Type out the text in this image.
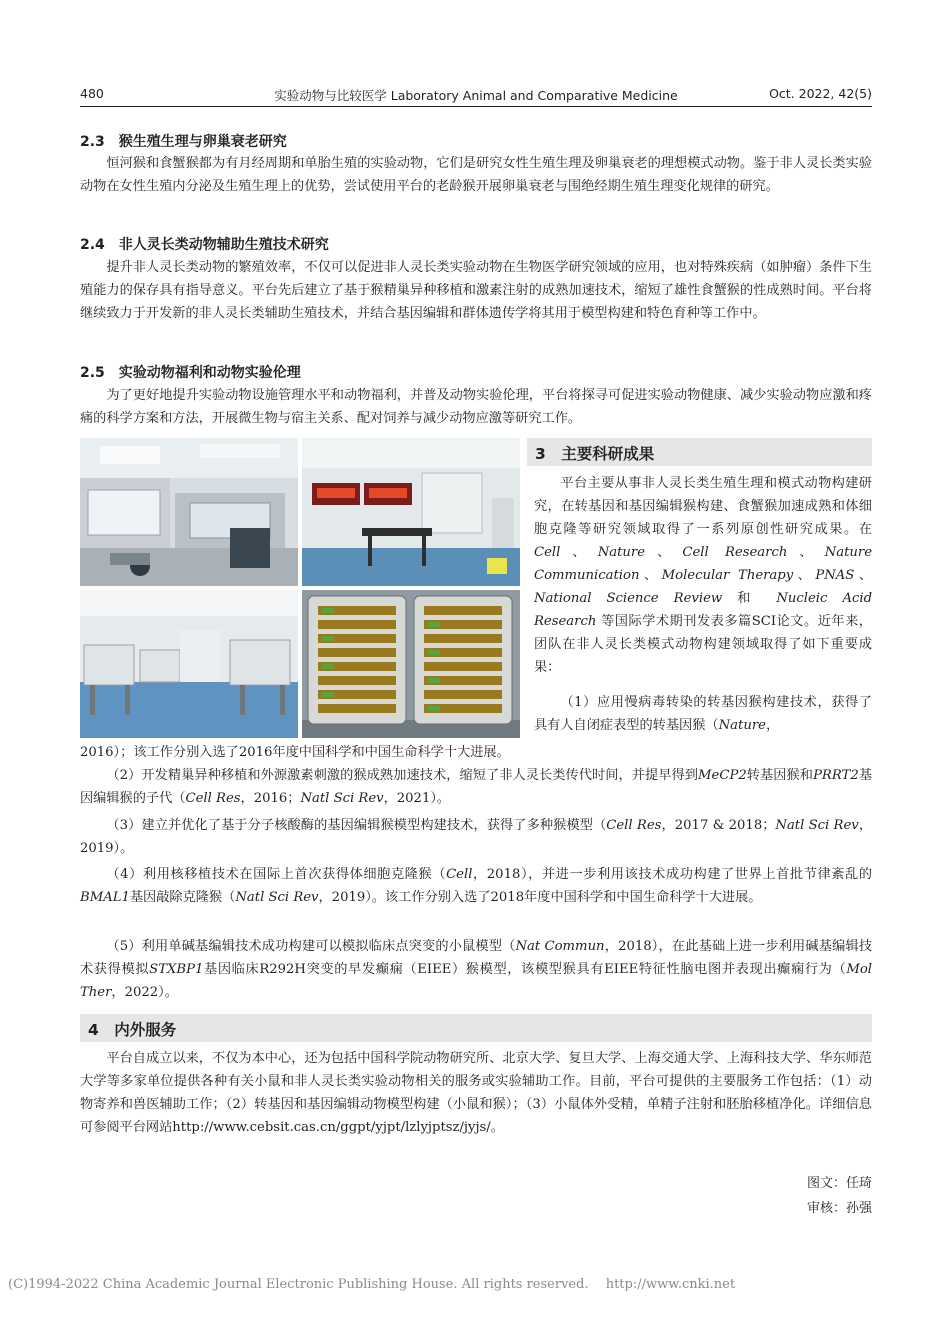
480	实验动物与比较医学 Laboratory Animal and Comparative Medicine	Oct. 2022, 42(5)
2.3　猴生殖生理与卵巢衰老研究

恒河猴和食蟹猴都为有月经周期和单胎生殖的实验动物，它们是研究女性生殖生理及卵巢衰老的理想模式动物。鉴于非人灵长类实验动物在女性生殖内分泌及生殖生理上的优势，尝试使用平台的老龄猴开展卵巢衰老与围绝经期生殖生理变化规律的研究。

2.4　非人灵长类动物辅助生殖技术研究

提升非人灵长类动物的繁殖效率，不仅可以促进非人灵长类实验动物在生物医学研究领域的应用，也对特殊疾病（如肿瘤）条件下生殖能力的保存具有指导意义。平台先后建立了基于猴精巢异种移植和激素注射的成熟加速技术，缩短了雄性食蟹猴的性成熟时间。平台将继续致力于开发新的非人灵长类辅助生殖技术，并结合基因编辑和群体遗传学将其用于模型构建和特色育种等工作中。

2.5　实验动物福利和动物实验伦理

为了更好地提升实验动物设施管理水平和动物福利，并普及动物实验伦理，平台将探寻可促进实验动物健康、减少实验动物应激和疼痛的科学方案和方法，开展微生物与宿主关系、配对饲养与减少动物应激等研究工作。

3　主要科研成果

平台主要从事非人灵长类生殖生理和模式动物构建研究，在转基因和基因编辑猴构建、食蟹猴加速成熟和体细胞克隆等研究领域取得了一系列原创性研究成果。在Cell、Nature、Cell Research、Nature Communication、Molecular Therapy、PNAS、National Science Review 和 Nucleic Acid Research 等国际学术期刊发表多篇SCI论文。近年来，团队在非人灵长类模式动物构建领域取得了如下重要成果：

（1）应用慢病毒转染的转基因猴构建技术，获得了具有人自闭症表型的转基因猴（Nature，

2016）；该工作分别入选了2016年度中国科学和中国生命科学十大进展。

（2）开发精巢异种移植和外源激素刺激的猴成熟加速技术，缩短了非人灵长类传代时间，并提早得到MeCP2转基因猴和PRRT2基因编辑猴的子代（Cell Res，2016；Natl Sci Rev，2021）。

（3）建立并优化了基于分子核酸酶的基因编辑猴模型构建技术，获得了多种猴模型（Cell Res，2017 & 2018；Natl Sci Rev，2019）。

（4）利用核移植技术在国际上首次获得体细胞克隆猴（Cell，2018），并进一步利用该技术成功构建了世界上首批节律紊乱的BMAL1基因敲除克隆猴（Natl Sci Rev，2019）。该工作分别入选了2018年度中国科学和中国生命科学十大进展。

（5）利用单碱基编辑技术成功构建可以模拟临床点突变的小鼠模型（Nat Commun，2018），在此基础上进一步利用碱基编辑技术获得模拟STXBP1基因临床R292H突变的早发癫痫（EIEE）猴模型，该模型猴具有EIEE特征性脑电图并表现出癫痫行为（Mol Ther，2022）。

4　内外服务

平台自成立以来，不仅为本中心，还为包括中国科学院动物研究所、北京大学、复旦大学、上海交通大学、上海科技大学、华东师范大学等多家单位提供各种有关小鼠和非人灵长类实验动物相关的服务或实验辅助工作。目前，平台可提供的主要服务工作包括：（1）动物寄养和兽医辅助工作；（2）转基因和基因编辑动物模型构建（小鼠和猴）；（3）小鼠体外受精，单精子注射和胚胎移植净化。详细信息可参阅平台网站http://www.cebsit.cas.cn/ggpt/yjpt/lzlyjptsz/jyjs/。

图文：任琦
审核：孙强
(C)1994-2022 China Academic Journal Electronic Publishing House. All rights reserved.　 http://www.cnki.net
